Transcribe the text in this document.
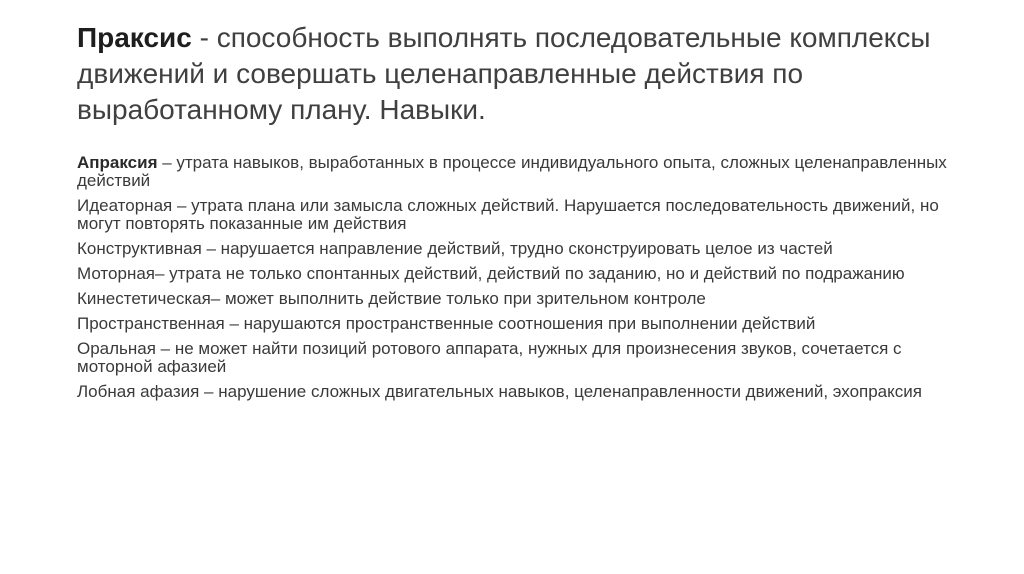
Праксис - способность выполнять последовательные комплексы движений и совершать целенаправленные действия по выработанному плану. Навыки.
Апраксия – утрата навыков, выработанных в процессе индивидуального опыта, сложных целенаправленных действий
Идеаторная – утрата плана или замысла сложных действий. Нарушается последовательность движений, но могут повторять показанные им действия
Конструктивная – нарушается направление действий, трудно сконструировать целое из частей
Моторная– утрата не только спонтанных действий, действий по заданию, но и действий по подражанию
Кинестетическая– может выполнить действие только при зрительном контроле
Пространственная – нарушаются пространственные соотношения при выполнении действий
Оральная – не может найти позиций ротового аппарата, нужных для произнесения звуков, сочетается с моторной афазией
Лобная афазия – нарушение сложных двигательных навыков, целенаправленности движений, эхопраксия
